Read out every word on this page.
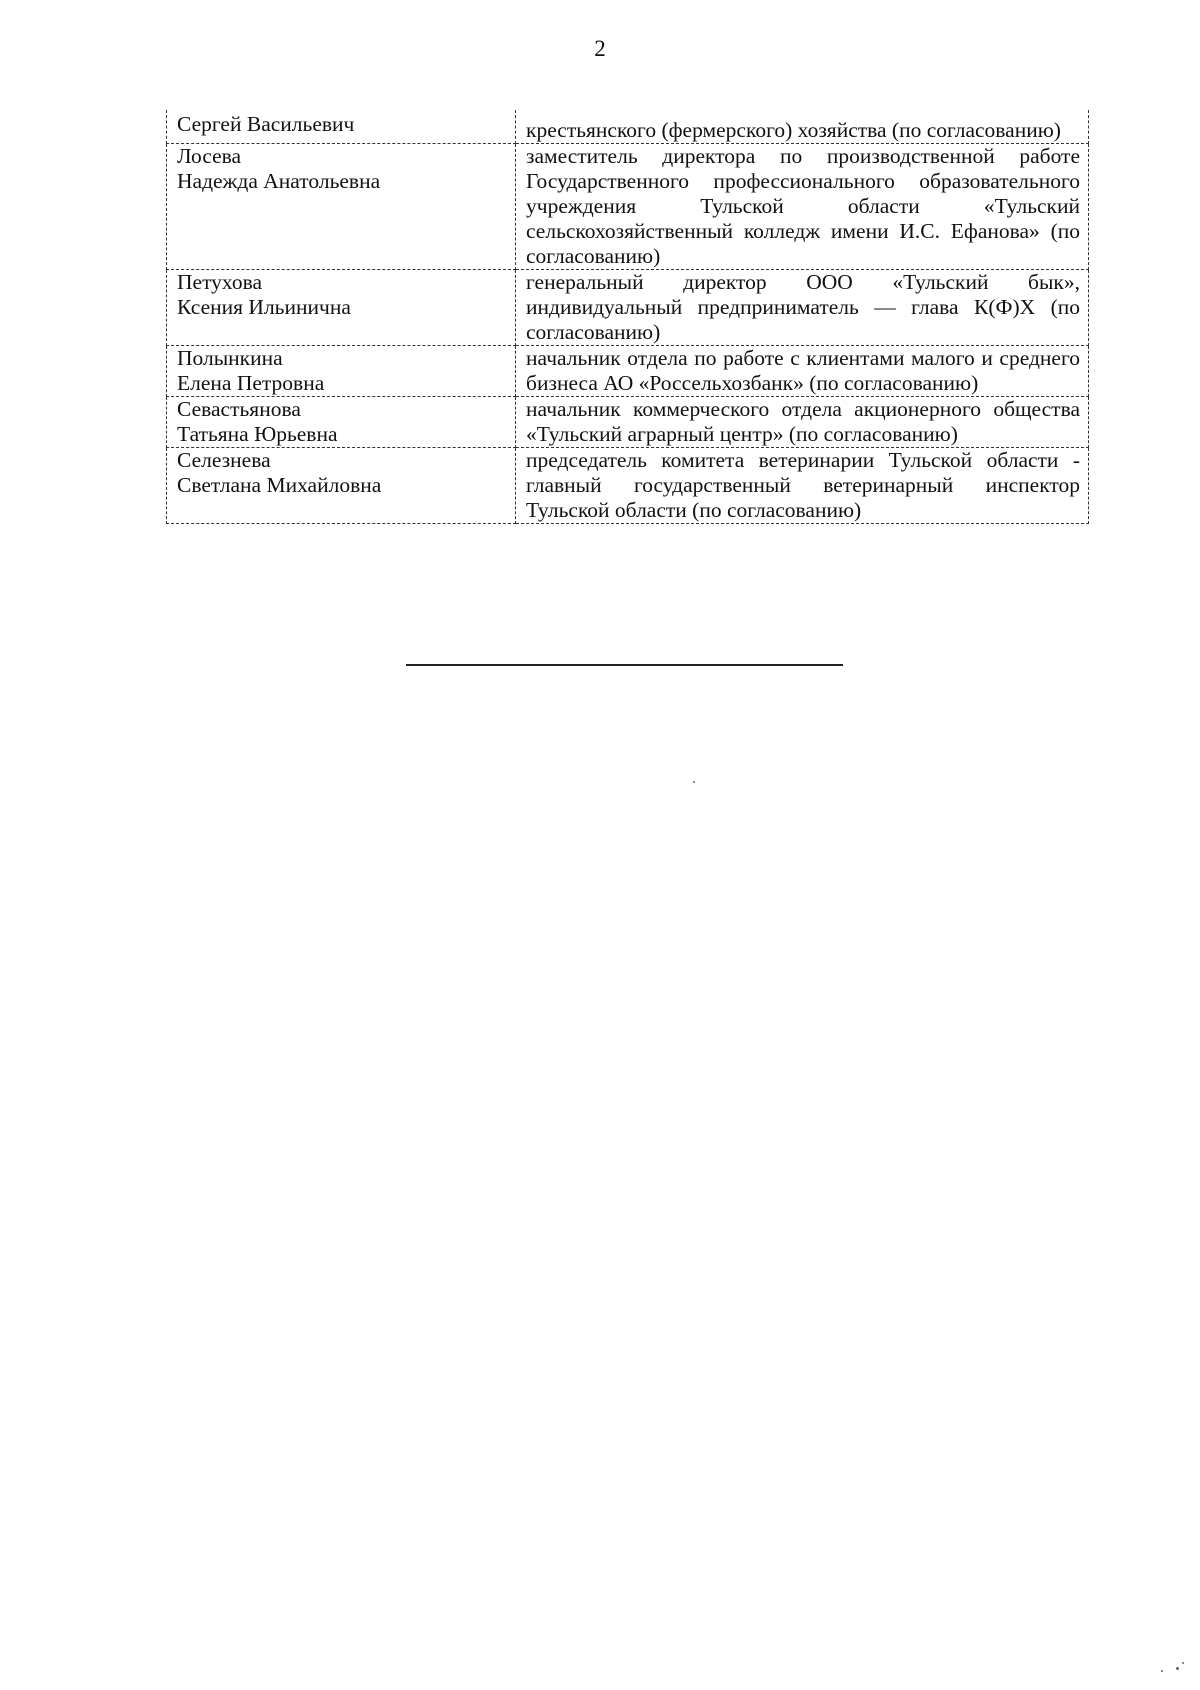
2
Сергей Васильевич	крестьянского (фермерского) хозяйства (по согласованию)

Лосева
Надежда Анатольевна	заместитель директора по производственной работе Государственного профессионального образовательного учреждения Тульской области «Тульский сельскохозяйственный колледж имени И.С. Ефанова» (по согласованию)

Петухова
Ксения Ильинична	генеральный директор ООО «Тульский бык», индивидуальный предприниматель — глава К(Ф)Х (по согласованию)

Полынкина
Елена Петровна	начальник отдела по работе с клиентами малого и среднего бизнеса АО «Россельхозбанк» (по согласованию)

Севастьянова
Татьяна Юрьевна	начальник коммерческого отдела акционерного общества «Тульский аграрный центр» (по согласованию)

Селезнева
Светлана Михайловна	председатель комитета ветеринарии Тульской области - главный государственный ветеринарный инспектор Тульской области (по согласованию)
